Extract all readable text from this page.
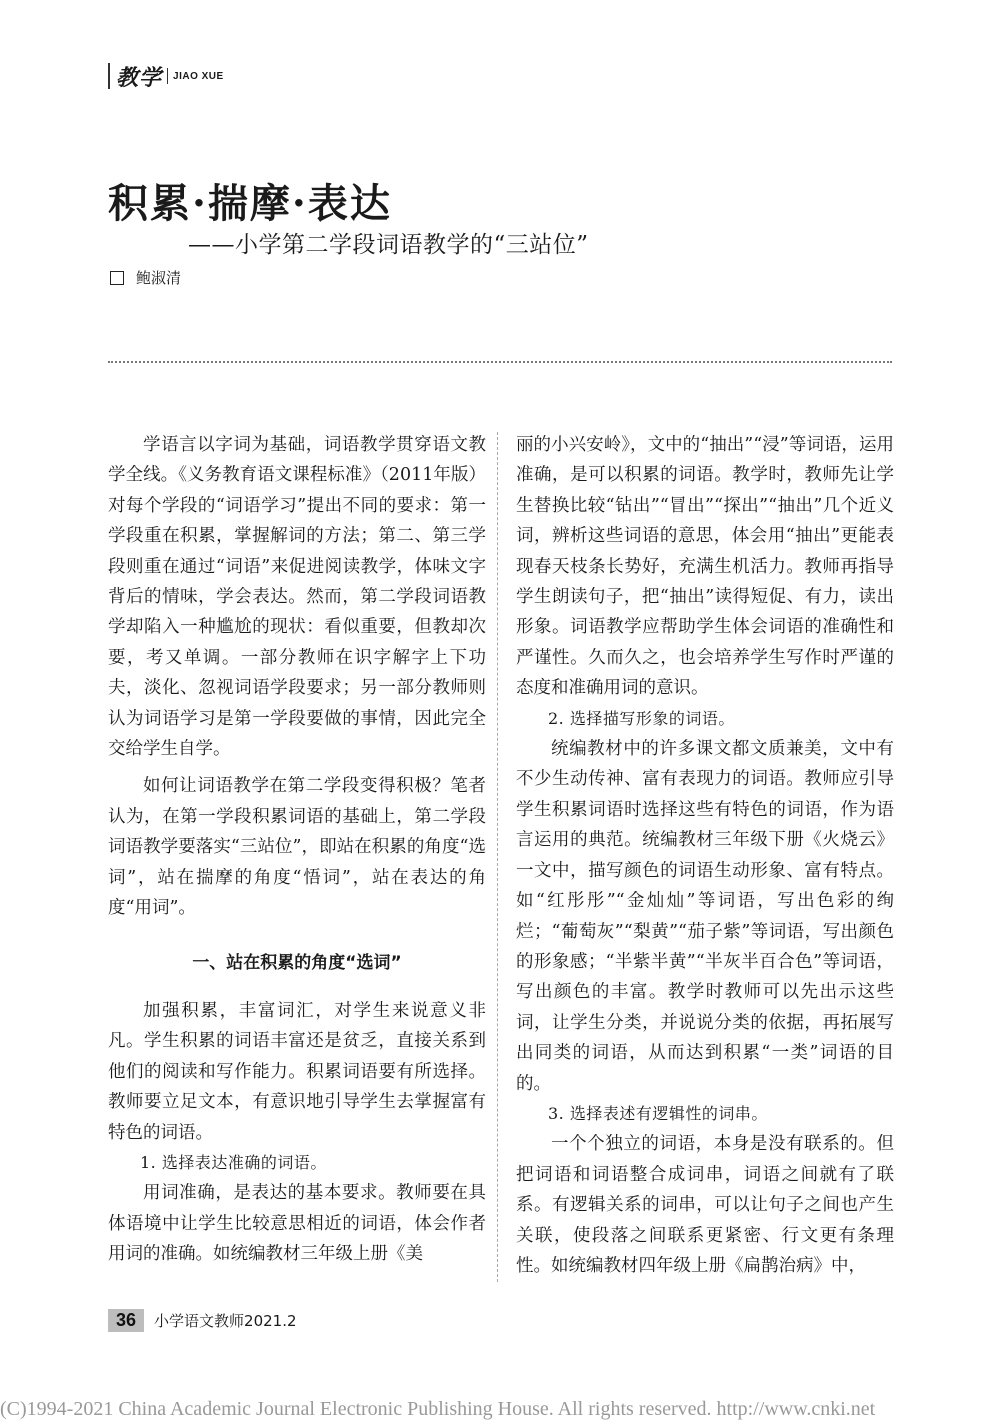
教学 JIAO XUE
积累·揣摩·表达
——小学第二学段词语教学的“三站位”
鲍淑清

学语言以字词为基础，词语教学贯穿语文教学全线。《义务教育语文课程标准》（2011年版）对每个学段的“词语学习”提出不同的要求：第一学段重在积累，掌握解词的方法；第二、第三学段则重在通过“词语”来促进阅读教学，体味文字背后的情味，学会表达。然而，第二学段词语教学却陷入一种尴尬的现状：看似重要，但教却次要，考又单调。一部分教师在识字解字上下功夫，淡化、忽视词语学段要求；另一部分教师则认为词语学习是第一学段要做的事情，因此完全交给学生自学。

如何让词语教学在第二学段变得积极？笔者认为，在第一学段积累词语的基础上，第二学段词语教学要落实“三站位”，即站在积累的角度“选词”，站在揣摩的角度“悟词”，站在表达的角度“用词”。

一、站在积累的角度“选词”

加强积累，丰富词汇，对学生来说意义非凡。学生积累的词语丰富还是贫乏，直接关系到他们的阅读和写作能力。积累词语要有所选择。教师要立足文本，有意识地引导学生去掌握富有特色的词语。

1. 选择表达准确的词语。

用词准确，是表达的基本要求。教师要在具体语境中让学生比较意思相近的词语，体会作者用词的准确。如统编教材三年级上册《美

丽的小兴安岭》，文中的“抽出”“浸”等词语，运用准确，是可以积累的词语。教学时，教师先让学生替换比较“钻出”“冒出”“探出”“抽出”几个近义词，辨析这些词语的意思，体会用“抽出”更能表现春天枝条长势好，充满生机活力。教师再指导学生朗读句子，把“抽出”读得短促、有力，读出形象。词语教学应帮助学生体会词语的准确性和严谨性。久而久之，也会培养学生写作时严谨的态度和准确用词的意识。

2. 选择描写形象的词语。

统编教材中的许多课文都文质兼美，文中有不少生动传神、富有表现力的词语。教师应引导学生积累词语时选择这些有特色的词语，作为语言运用的典范。统编教材三年级下册《火烧云》一文中，描写颜色的词语生动形象、富有特点。如“红彤彤”“金灿灿”等词语，写出色彩的绚烂；“葡萄灰”“梨黄”“茄子紫”等词语，写出颜色的形象感；“半紫半黄”“半灰半百合色”等词语，写出颜色的丰富。教学时教师可以先出示这些词，让学生分类，并说说分类的依据，再拓展写出同类的词语，从而达到积累“一类”词语的目的。

3. 选择表述有逻辑性的词串。

一个个独立的词语，本身是没有联系的。但把词语和词语整合成词串，词语之间就有了联系。有逻辑关系的词串，可以让句子之间也产生关联，使段落之间联系更紧密、行文更有条理性。如统编教材四年级上册《扁鹊治病》中，

36	小学语文教师2021.2
(C)1994-2021 China Academic Journal Electronic Publishing House. All rights reserved. http://www.cnki.net
